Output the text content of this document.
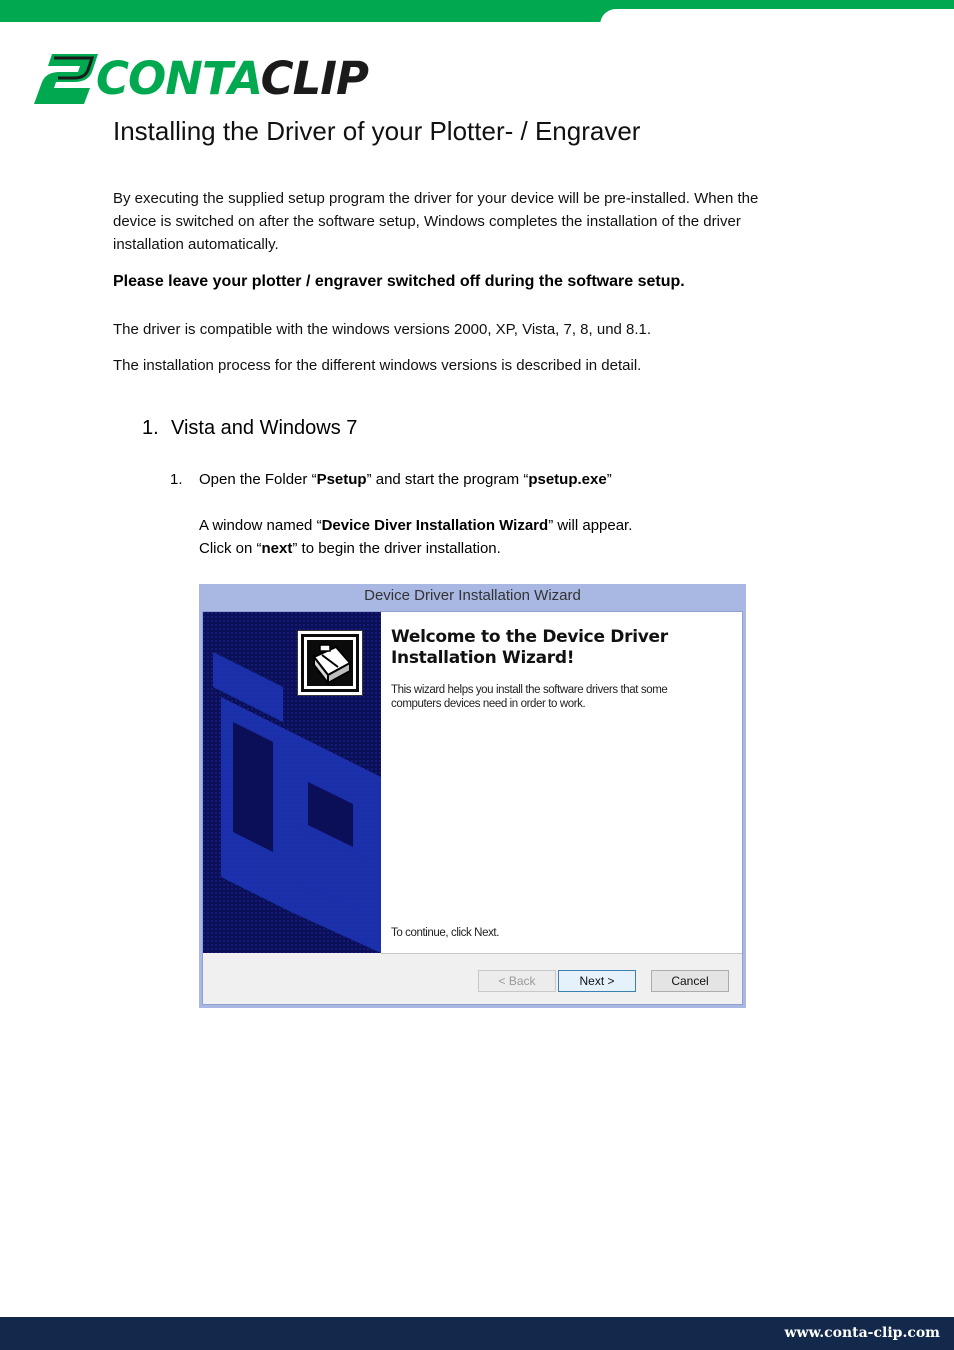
CONTACLIP
Installing the Driver of your Plotter- / Engraver
By executing the supplied setup program the driver for your device will be pre-installed. When the
device is switched on after the software setup, Windows completes the installation of the driver
installation automatically.
Please leave your plotter / engraver switched off during the software setup.
The driver is compatible with the windows versions 2000, XP, Vista, 7, 8, und 8.1.
The installation process for the different windows versions is described in detail.
1. Vista and Windows 7
1. Open the Folder “Psetup” and start the program “psetup.exe”
A window named “Device Diver Installation Wizard” will appear.
Click on “next” to begin the driver installation.
Device Driver Installation Wizard
Welcome to the Device Driver
Installation Wizard!
This wizard helps you install the software drivers that some
computers devices need in order to work.
To continue, click Next.
< Back	Next >	Cancel
www.conta-clip.com
